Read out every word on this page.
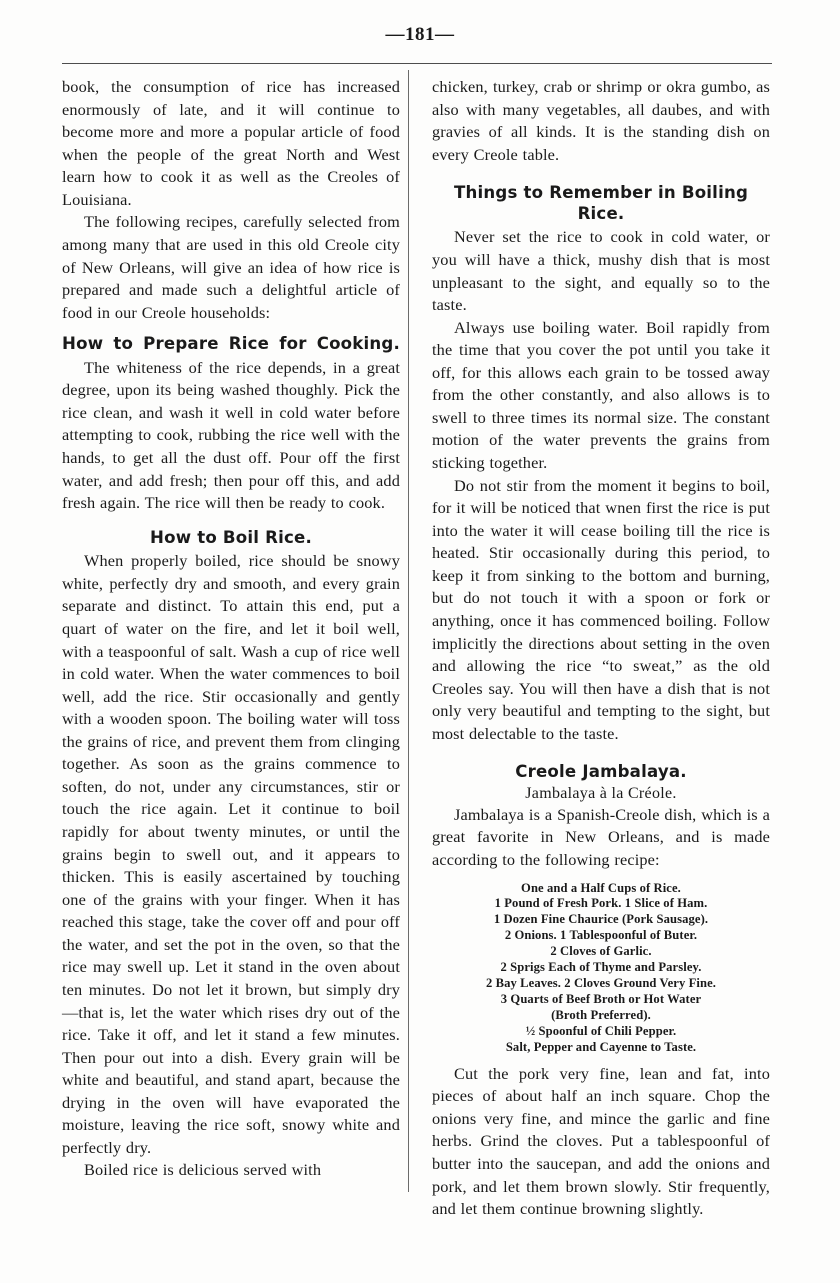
—181—

book, the consumption of rice has increased enormously of late, and it will continue to become more and more a popular article of food when the people of the great North and West learn how to cook it as well as the Creoles of Louisiana.

The following recipes, carefully selected from among many that are used in this old Creole city of New Orleans, will give an idea of how rice is prepared and made such a delightful article of food in our Creole households:

How to Prepare Rice for Cooking.

The whiteness of the rice depends, in a great degree, upon its being washed thoughly. Pick the rice clean, and wash it well in cold water before attempting to cook, rubbing the rice well with the hands, to get all the dust off. Pour off the first water, and add fresh; then pour off this, and add fresh again. The rice will then be ready to cook.

How to Boil Rice.

When properly boiled, rice should be snowy white, perfectly dry and smooth, and every grain separate and distinct. To attain this end, put a quart of water on the fire, and let it boil well, with a teaspoonful of salt. Wash a cup of rice well in cold water. When the water commences to boil well, add the rice. Stir occasionally and gently with a wooden spoon. The boiling water will toss the grains of rice, and prevent them from clinging together. As soon as the grains commence to soften, do not, under any circumstances, stir or touch the rice again. Let it continue to boil rapidly for about twenty minutes, or until the grains begin to swell out, and it appears to thicken. This is easily ascertained by touching one of the grains with your finger. When it has reached this stage, take the cover off and pour off the water, and set the pot in the oven, so that the rice may swell up. Let it stand in the oven about ten minutes. Do not let it brown, but simply dry—that is, let the water which rises dry out of the rice. Take it off, and let it stand a few minutes. Then pour out into a dish. Every grain will be white and beautiful, and stand apart, because the drying in the oven will have evaporated the moisture, leaving the rice soft, snowy white and perfectly dry.

Boiled rice is delicious served with

chicken, turkey, crab or shrimp or okra gumbo, as also with many vegetables, all daubes, and with gravies of all kinds. It is the standing dish on every Creole table.

Things to Remember in Boiling
Rice.

Never set the rice to cook in cold water, or you will have a thick, mushy dish that is most unpleasant to the sight, and equally so to the taste.

Always use boiling water. Boil rapidly from the time that you cover the pot until you take it off, for this allows each grain to be tossed away from the other constantly, and also allows is to swell to three times its normal size. The constant motion of the water prevents the grains from sticking together.

Do not stir from the moment it begins to boil, for it will be noticed that wnen first the rice is put into the water it will cease boiling till the rice is heated. Stir occasionally during this period, to keep it from sinking to the bottom and burning, but do not touch it with a spoon or fork or anything, once it has commenced boiling. Follow implicitly the directions about setting in the oven and allowing the rice “to sweat,” as the old Creoles say. You will then have a dish that is not only very beautiful and tempting to the sight, but most delectable to the taste.

Creole Jambalaya.

Jambalaya à la Créole.

Jambalaya is a Spanish-Creole dish, which is a great favorite in New Orleans, and is made according to the following recipe:

One and a Half Cups of Rice.
1 Pound of Fresh Pork. 1 Slice of Ham.
1 Dozen Fine Chaurice (Pork Sausage).
2 Onions. 1 Tablespoonful of Buter.
2 Cloves of Garlic.
2 Sprigs Each of Thyme and Parsley.
2 Bay Leaves. 2 Cloves Ground Very Fine.
3 Quarts of Beef Broth or Hot Water
(Broth Preferred).
½ Spoonful of Chili Pepper.
Salt, Pepper and Cayenne to Taste.

Cut the pork very fine, lean and fat, into pieces of about half an inch square. Chop the onions very fine, and mince the garlic and fine herbs. Grind the cloves. Put a tablespoonful of butter into the saucepan, and add the onions and pork, and let them brown slowly. Stir frequently, and let them continue browning slightly.
